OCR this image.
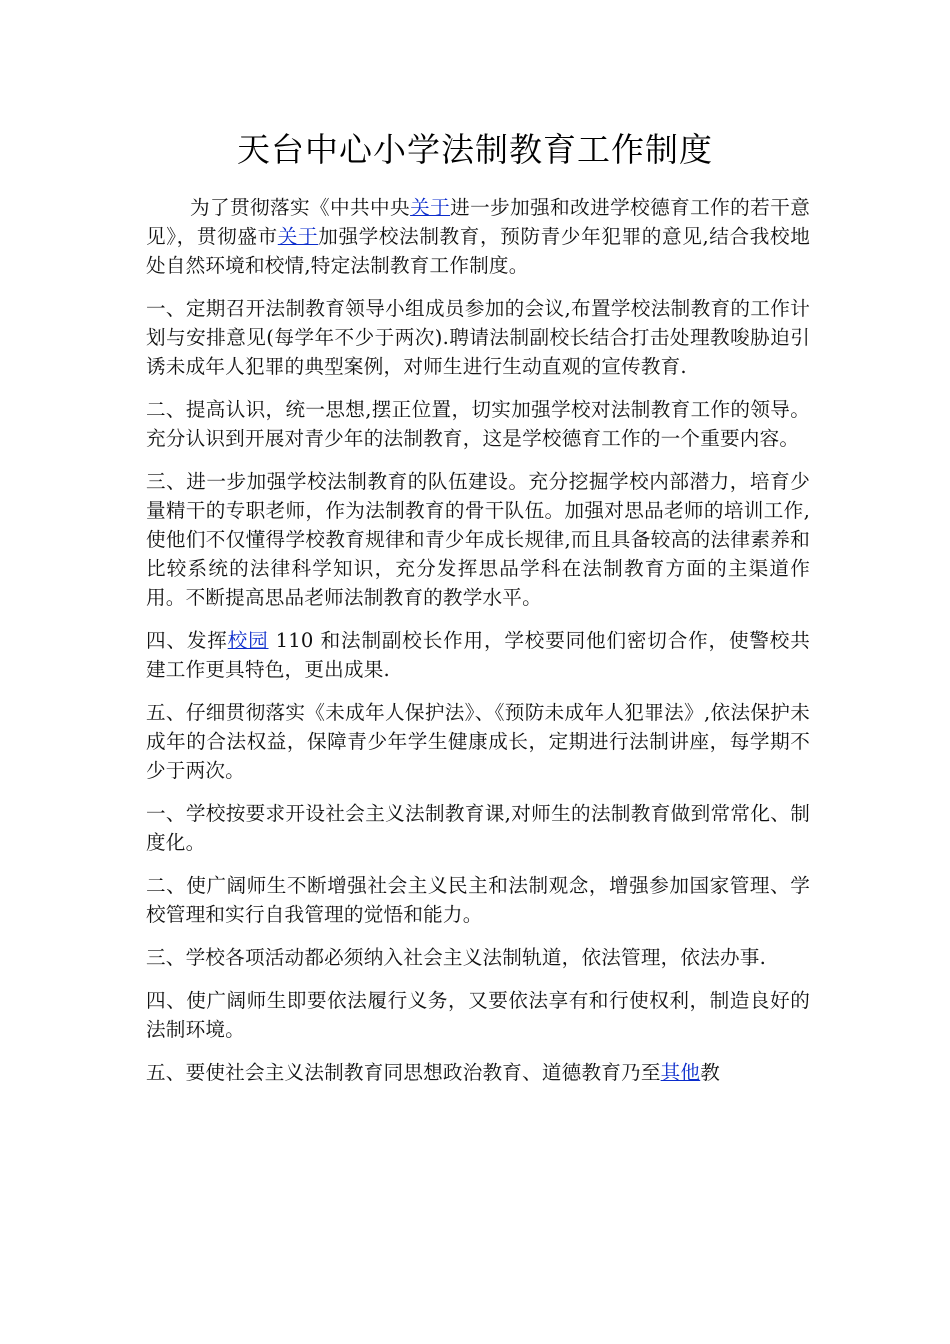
天台中心小学法制教育工作制度

为了贯彻落实《中共中央关于进一步加强和改进学校德育工作的若干意见》，贯彻盛市关于加强学校法制教育，预防青少年犯罪的意见,结合我校地处自然环境和校情,特定法制教育工作制度。

一、定期召开法制教育领导小组成员参加的会议,布置学校法制教育的工作计划与安排意见(每学年不少于两次).聘请法制副校长结合打击处理教唆胁迫引诱未成年人犯罪的典型案例，对师生进行生动直观的宣传教育.

二、提高认识，统一思想,摆正位置，切实加强学校对法制教育工作的领导。充分认识到开展对青少年的法制教育，这是学校德育工作的一个重要内容。

三、进一步加强学校法制教育的队伍建设。充分挖掘学校内部潜力，培育少量精干的专职老师，作为法制教育的骨干队伍。加强对思品老师的培训工作,使他们不仅懂得学校教育规律和青少年成长规律,而且具备较高的法律素养和比较系统的法律科学知识，充分发挥思品学科在法制教育方面的主渠道作用。不断提高思品老师法制教育的教学水平。

四、发挥校园 110 和法制副校长作用，学校要同他们密切合作，使警校共建工作更具特色，更出成果.

五、仔细贯彻落实《未成年人保护法》、《预防未成年人犯罪法》,依法保护未成年的合法权益，保障青少年学生健康成长，定期进行法制讲座，每学期不少于两次。

一、学校按要求开设社会主义法制教育课,对师生的法制教育做到常常化、制度化。

二、使广阔师生不断增强社会主义民主和法制观念，增强参加国家管理、学校管理和实行自我管理的觉悟和能力。

三、学校各项活动都必须纳入社会主义法制轨道，依法管理，依法办事.

四、使广阔师生即要依法履行义务，又要依法享有和行使权利，制造良好的法制环境。

五、要使社会主义法制教育同思想政治教育、道德教育乃至其他教
